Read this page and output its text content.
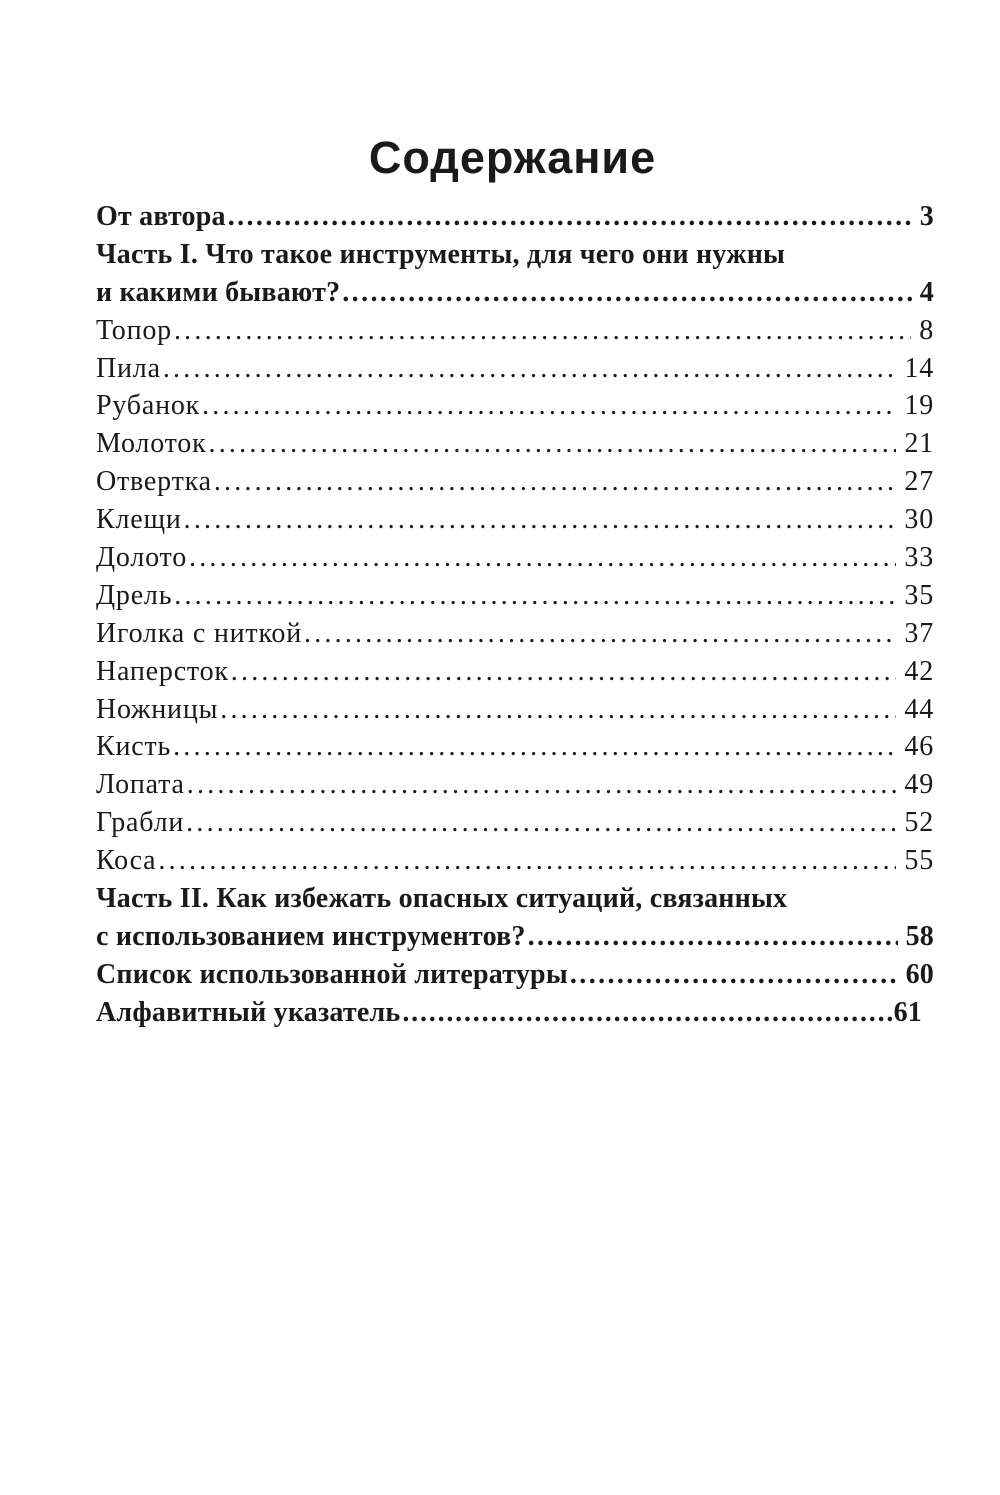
Содержание
От автора .....	3
Часть I. Что такое инструменты, для чего они нужны
и какими бывают? .....	4
Топор .....	8
Пила .....	14
Рубанок .....	19
Молоток .....	21
Отвертка .....	27
Клещи .....	30
Долото .....	33
Дрель .....	35
Иголка с ниткой .....	37
Наперсток .....	42
Ножницы .....	44
Кисть .....	46
Лопата .....	49
Грабли .....	52
Коса .....	55
Часть II. Как избежать опасных ситуаций, связанных
с использованием инструментов? .....	58
Список использованной литературы .....	60
Алфавитный указатель .....	61
